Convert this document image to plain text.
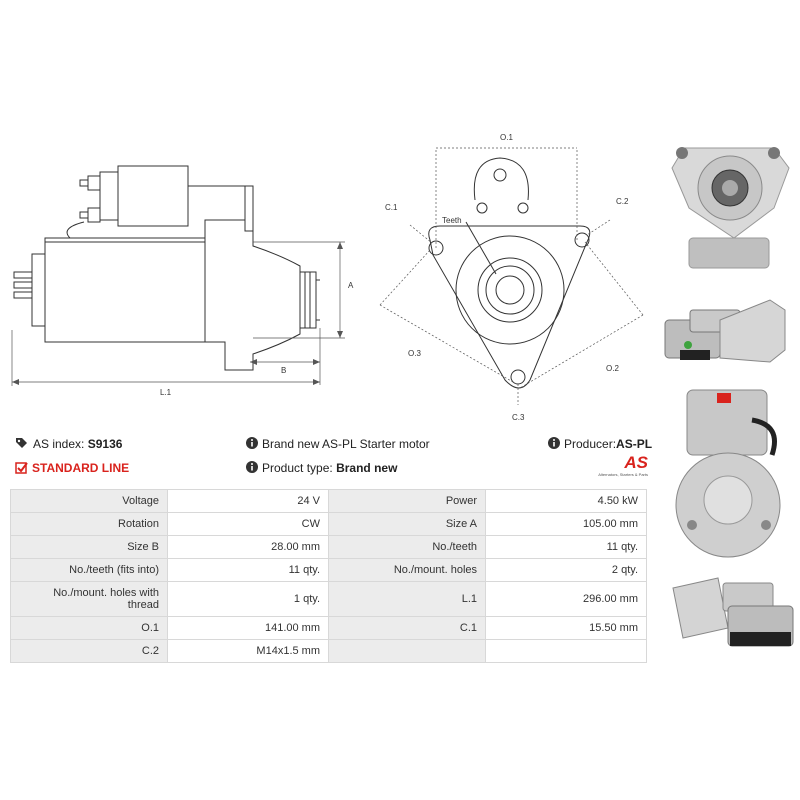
A
B
L.1
O.1
C.1
C.2
Teeth
O.3
O.2
C.3
AS index: S9136
STANDARD LINE
Brand new AS-PL Starter motor
Product type: Brand new
Producer:AS-PL
AS
Alternators, Starters & Parts
Voltage	24 V	Power	4.50 kW
Rotation	CW	Size A	105.00 mm
Size B	28.00 mm	No./teeth	11 qty.
No./teeth (fits into)	11 qty.	No./mount. holes	2 qty.
No./mount. holes with thread	1 qty.	L.1	296.00 mm
O.1	141.00 mm	C.1	15.50 mm
C.2	M14x1.5 mm		
